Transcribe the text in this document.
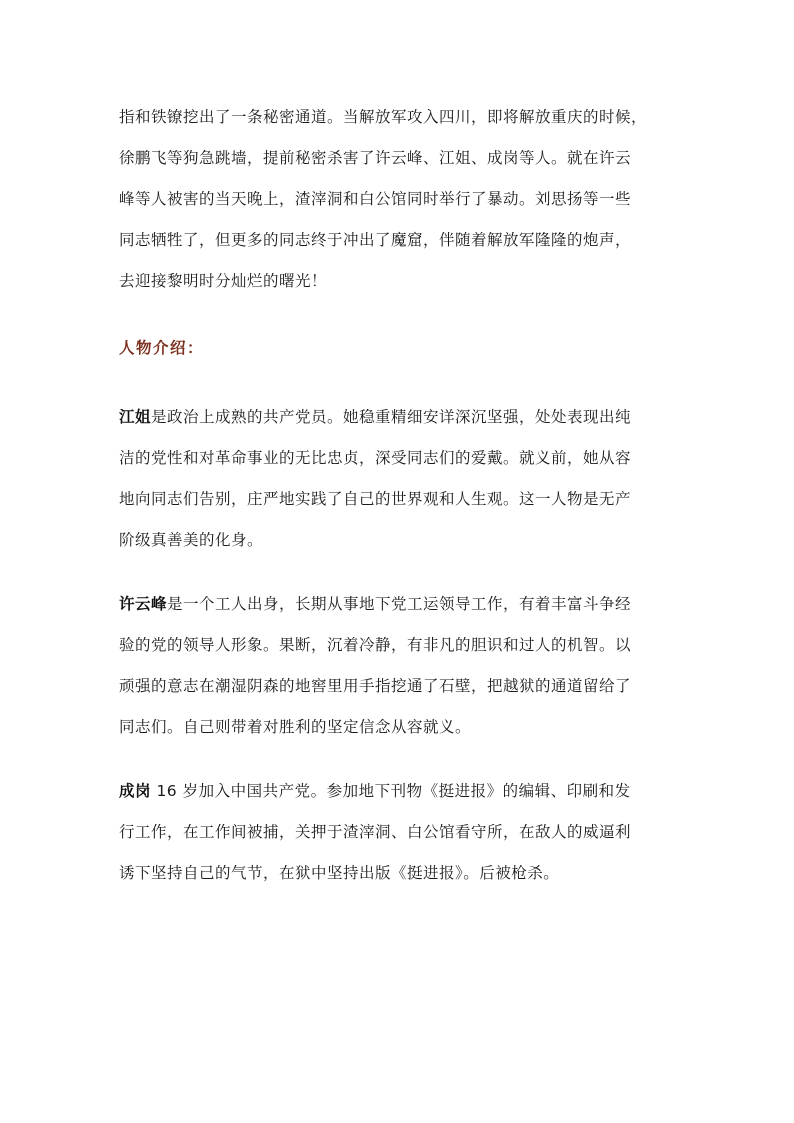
指和铁镣挖出了一条秘密通道。当解放军攻入四川，即将解放重庆的时候，
徐鹏飞等狗急跳墙，提前秘密杀害了许云峰、江姐、成岗等人。就在许云
峰等人被害的当天晚上，渣滓洞和白公馆同时举行了暴动。刘思扬等一些
同志牺牲了，但更多的同志终于冲出了魔窟，伴随着解放军隆隆的炮声，
去迎接黎明时分灿烂的曙光！

人物介绍：

江姐是政治上成熟的共产党员。她稳重精细安详深沉坚强，处处表现出纯
洁的党性和对革命事业的无比忠贞，深受同志们的爱戴。就义前，她从容
地向同志们告别，庄严地实践了自己的世界观和人生观。这一人物是无产
阶级真善美的化身。

许云峰是一个工人出身，长期从事地下党工运领导工作，有着丰富斗争经
验的党的领导人形象。果断，沉着冷静，有非凡的胆识和过人的机智。以
顽强的意志在潮湿阴森的地窖里用手指挖通了石壁，把越狱的通道留给了
同志们。自己则带着对胜利的坚定信念从容就义。

成岗 16 岁加入中国共产党。参加地下刊物《挺进报》的编辑、印刷和发
行工作，在工作间被捕，关押于渣滓洞、白公馆看守所，在敌人的威逼利
诱下坚持自己的气节，在狱中坚持出版《挺进报》。后被枪杀。
